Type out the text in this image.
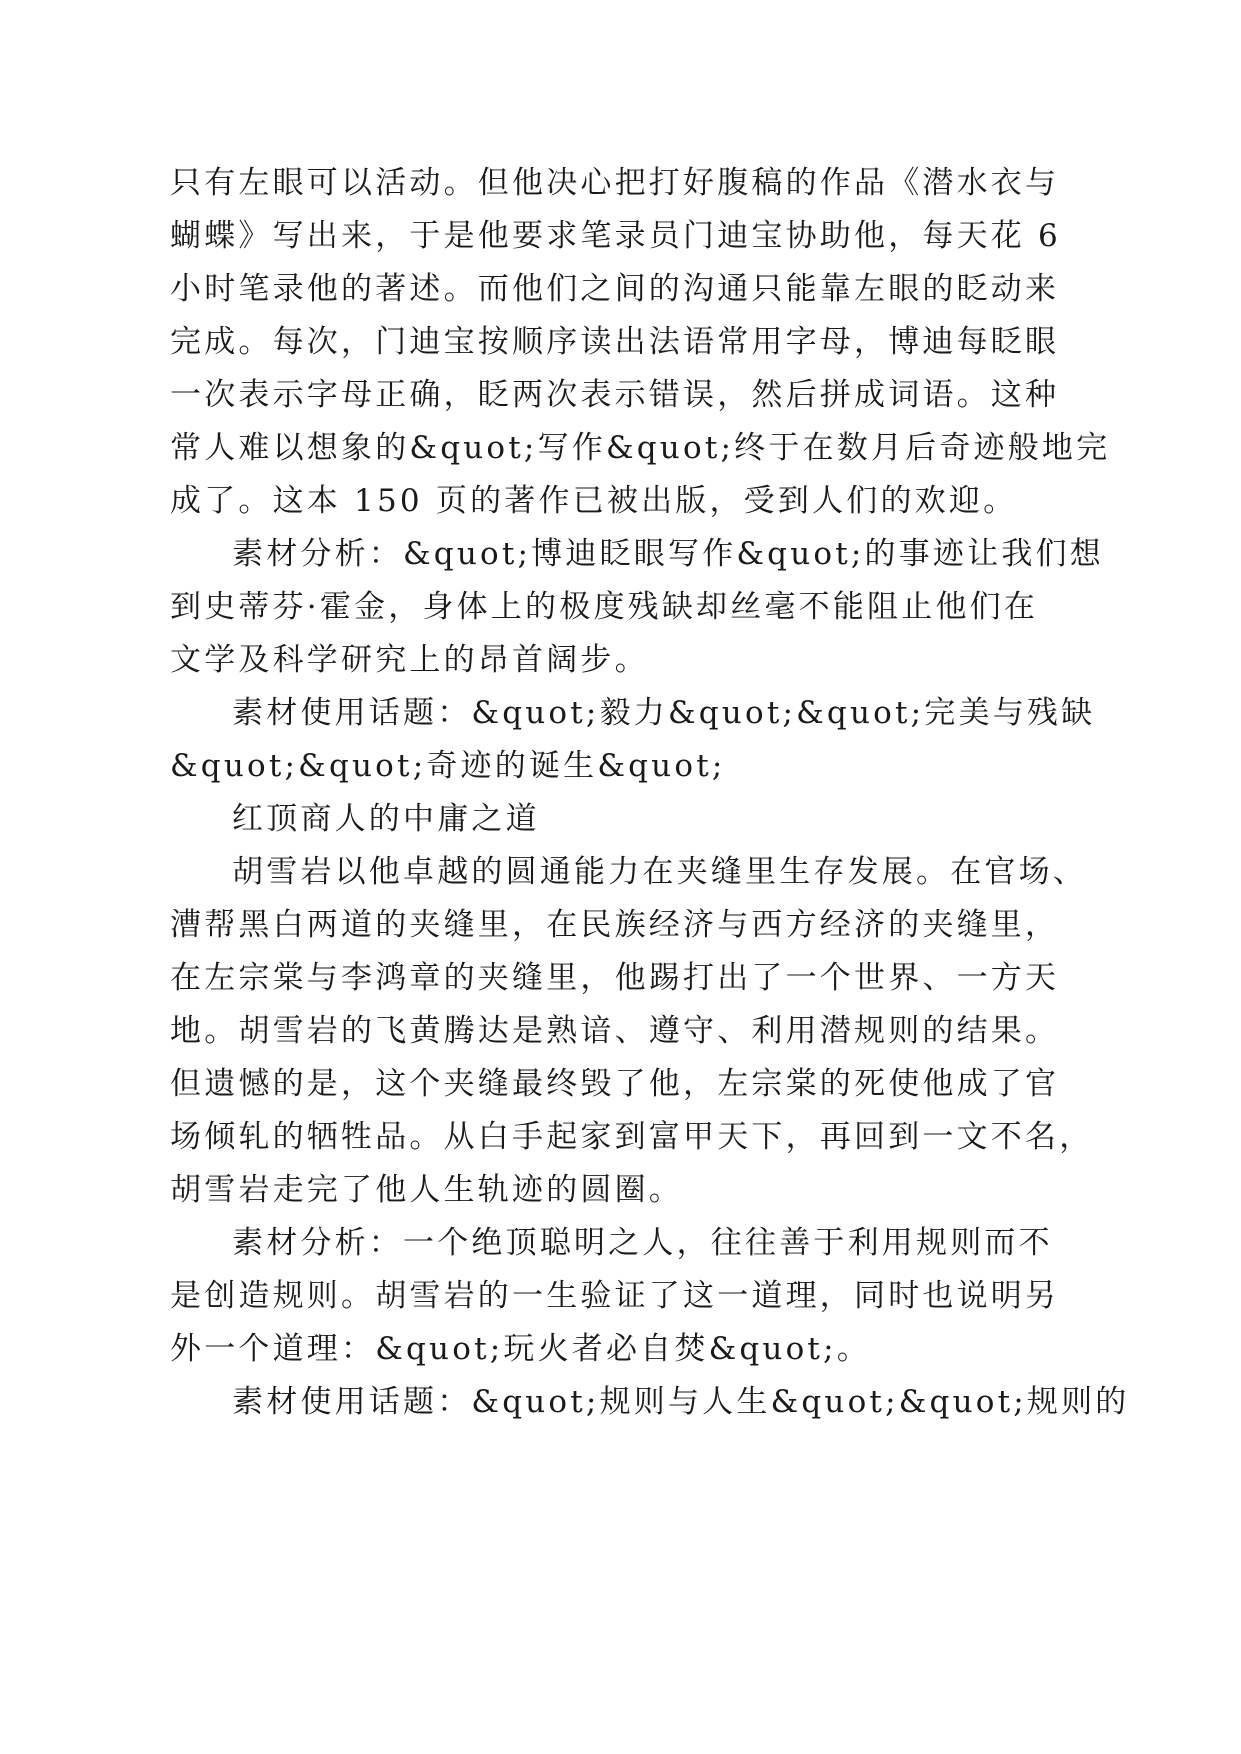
只有左眼可以活动。但他决心把打好腹稿的作品《潜水衣与
蝴蝶》写出来，于是他要求笔录员门迪宝协助他，每天花 6
小时笔录他的著述。而他们之间的沟通只能靠左眼的眨动来
完成。每次，门迪宝按顺序读出法语常用字母，博迪每眨眼
一次表示字母正确，眨两次表示错误，然后拼成词语。这种
常人难以想象的&quot;写作&quot;终于在数月后奇迹般地完
成了。这本 150 页的著作已被出版，受到人们的欢迎。
素材分析：&quot;博迪眨眼写作&quot;的事迹让我们想
到史蒂芬·霍金，身体上的极度残缺却丝毫不能阻止他们在
文学及科学研究上的昂首阔步。
素材使用话题：&quot;毅力&quot;&quot;完美与残缺
&quot;&quot;奇迹的诞生&quot;
红顶商人的中庸之道
胡雪岩以他卓越的圆通能力在夹缝里生存发展。在官场、
漕帮黑白两道的夹缝里，在民族经济与西方经济的夹缝里，
在左宗棠与李鸿章的夹缝里，他踢打出了一个世界、一方天
地。胡雪岩的飞黄腾达是熟谙、遵守、利用潜规则的结果。
但遗憾的是，这个夹缝最终毁了他，左宗棠的死使他成了官
场倾轧的牺牲品。从白手起家到富甲天下，再回到一文不名，
胡雪岩走完了他人生轨迹的圆圈。
素材分析：一个绝顶聪明之人，往往善于利用规则而不
是创造规则。胡雪岩的一生验证了这一道理，同时也说明另
外一个道理：&quot;玩火者必自焚&quot;。
素材使用话题：&quot;规则与人生&quot;&quot;规则的
